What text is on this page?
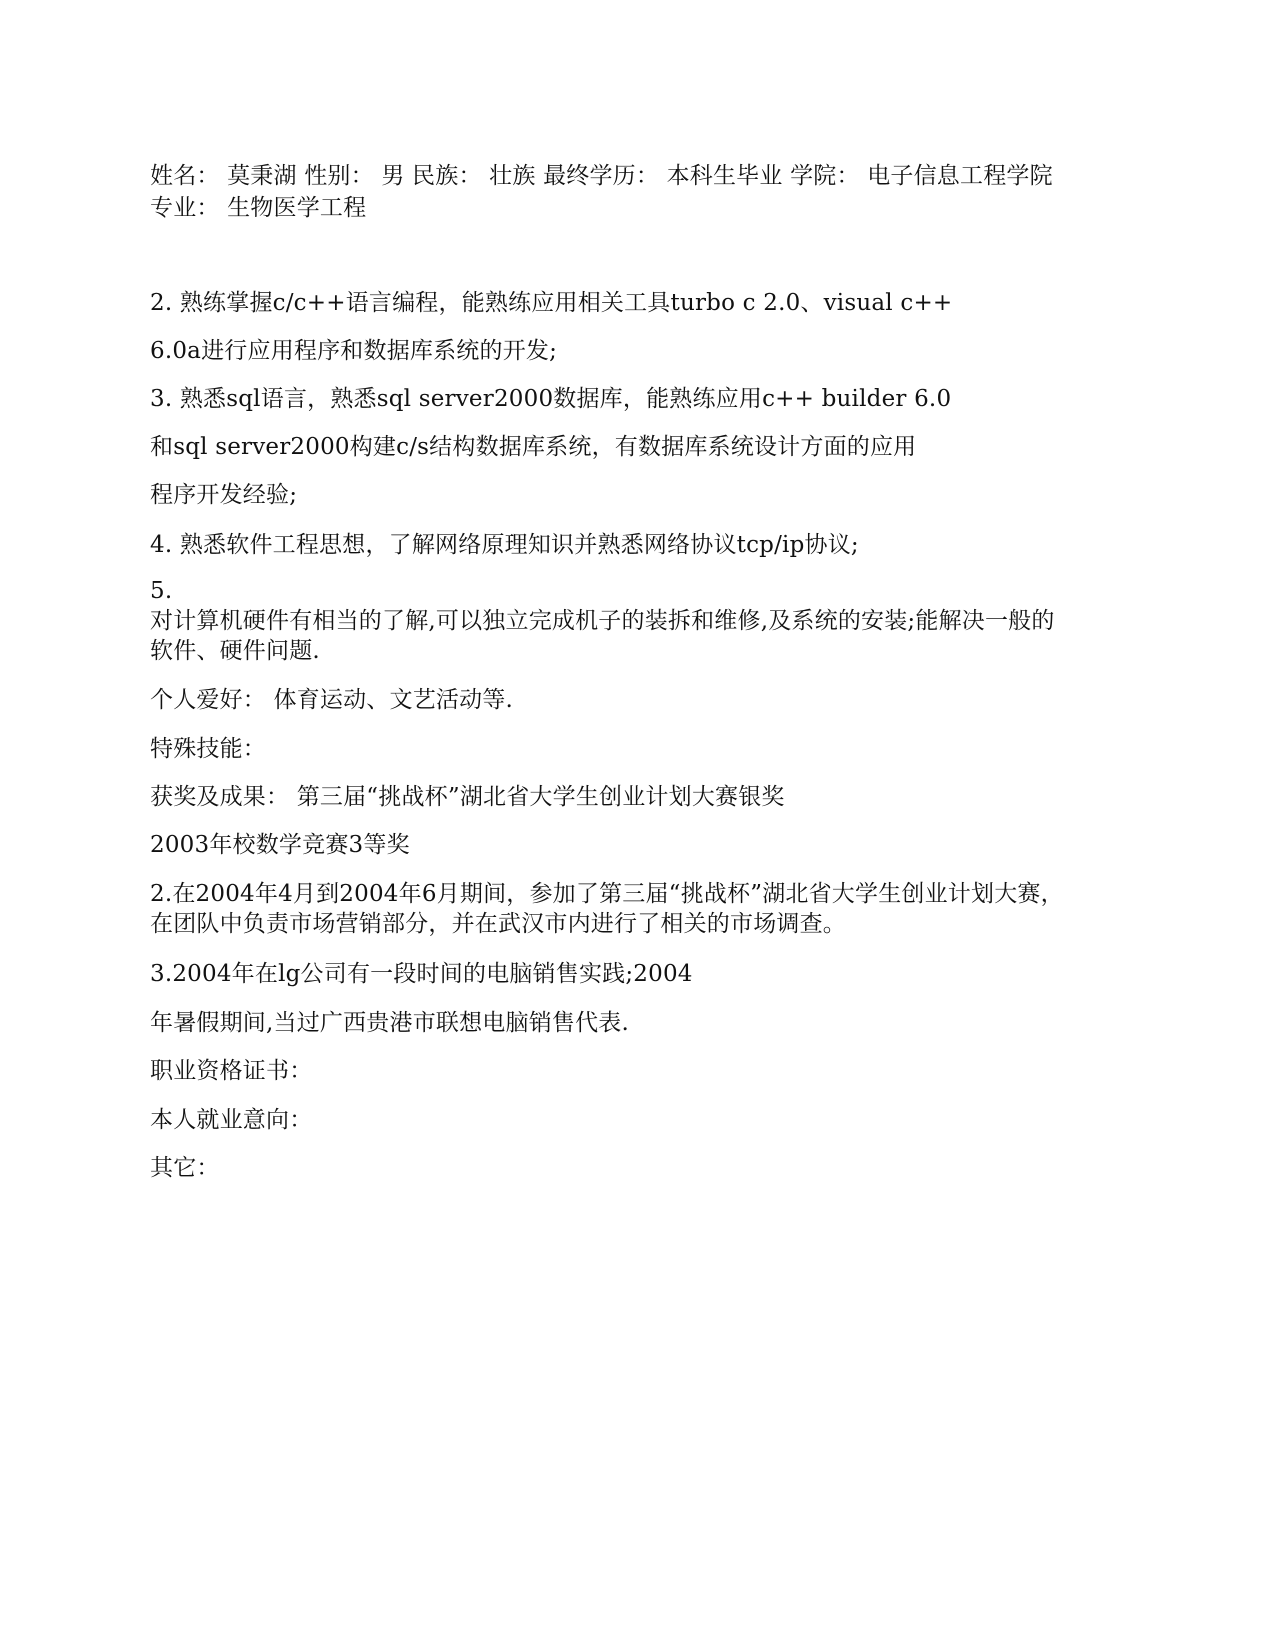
姓名： 莫秉湖 性别： 男 民族： 壮族 最终学历： 本科生毕业 学院： 电子信息工程学院
专业： 生物医学工程
2. 熟练掌握c/c++语言编程，能熟练应用相关工具turbo c 2.0、visual c++
6.0a进行应用程序和数据库系统的开发;
3. 熟悉sql语言，熟悉sql server2000数据库，能熟练应用c++ builder 6.0
和sql server2000构建c/s结构数据库系统，有数据库系统设计方面的应用
程序开发经验;
4. 熟悉软件工程思想，了解网络原理知识并熟悉网络协议tcp/ip协议;
5.
对计算机硬件有相当的了解,可以独立完成机子的装拆和维修,及系统的安装;能解决一般的
软件、硬件问题.
个人爱好： 体育运动、文艺活动等.
特殊技能：
获奖及成果： 第三届“挑战杯”湖北省大学生创业计划大赛银奖
2003年校数学竞赛3等奖
2.在2004年4月到2004年6月期间，参加了第三届“挑战杯”湖北省大学生创业计划大赛，
在团队中负责市场营销部分，并在武汉市内进行了相关的市场调查。
3.2004年在lg公司有一段时间的电脑销售实践;2004
年暑假期间,当过广西贵港市联想电脑销售代表.
职业资格证书：
本人就业意向：
其它：
